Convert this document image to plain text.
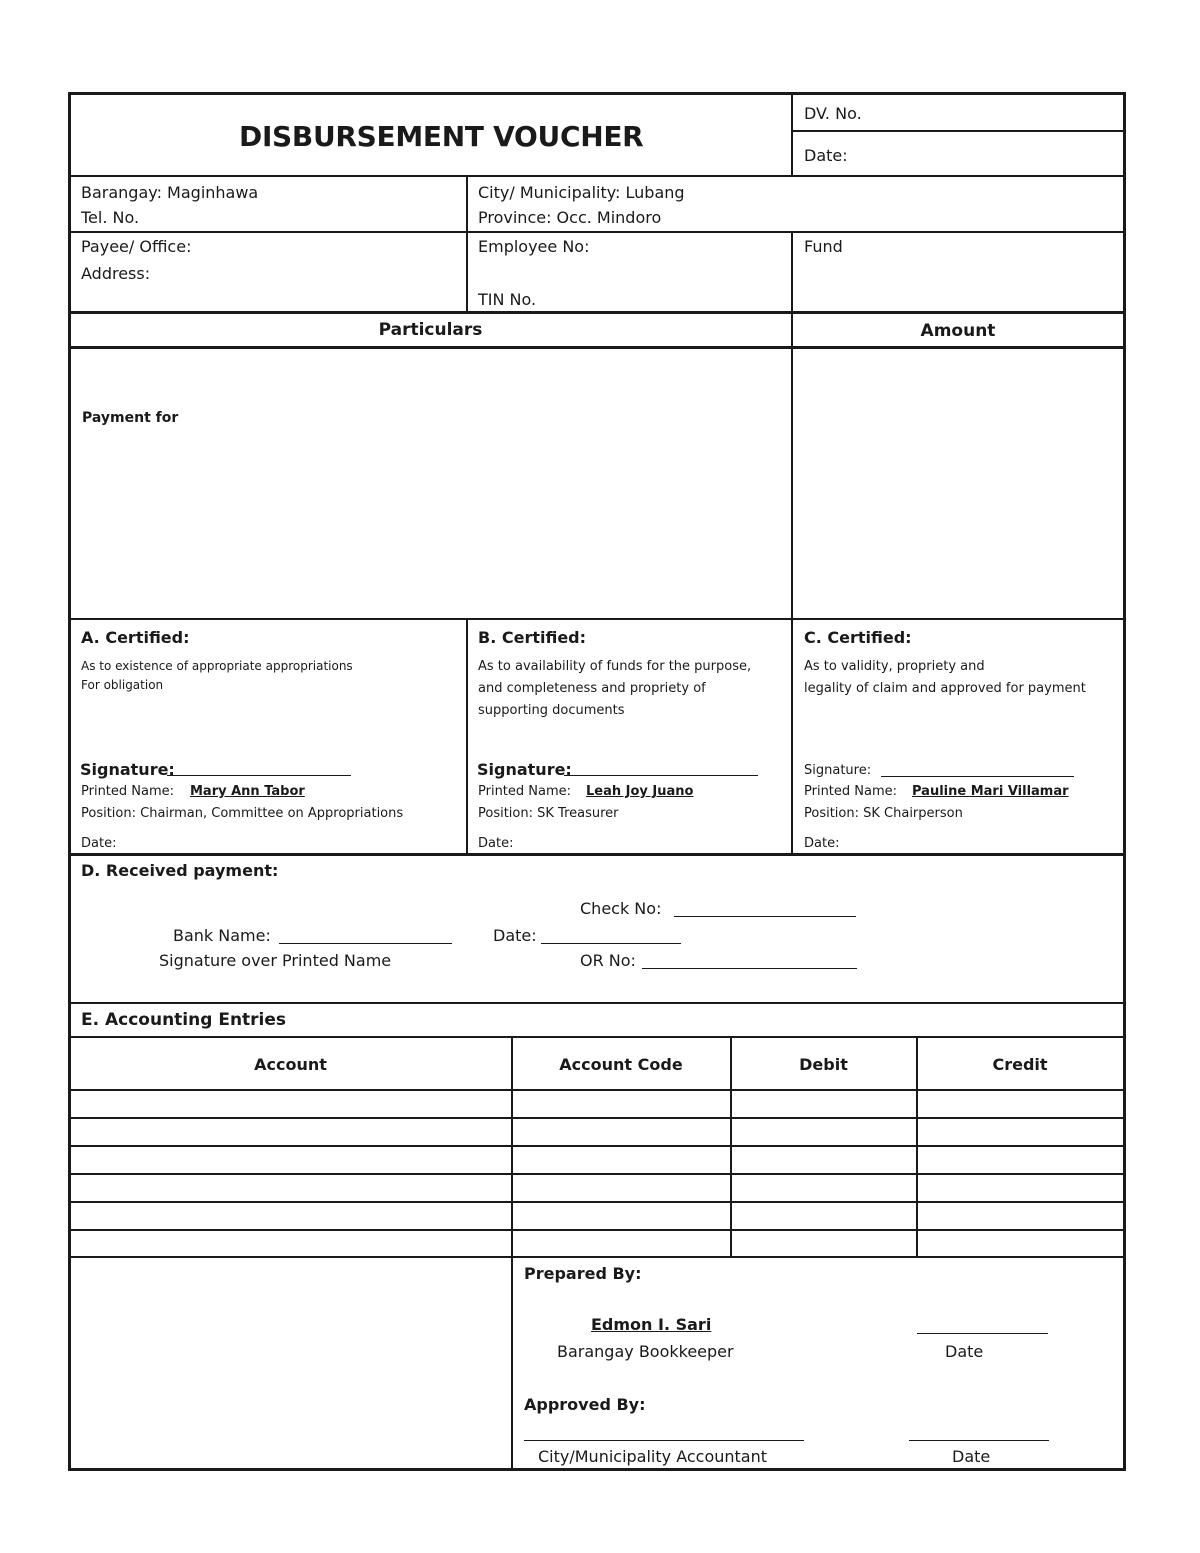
DISBURSEMENT VOUCHER
DV. No.
Date:
Barangay: Maginhawa
Tel. No.
City/ Municipality: Lubang
Province: Occ. Mindoro
Payee/ Office:
Address:
Employee No:
TIN No.
Fund
Particulars	Amount
Payment for
A. Certified:
As to existence of appropriate appropriations
For obligation
Signature:
Printed Name: Mary Ann Tabor
Position: Chairman, Committee on Appropriations
Date:
B. Certified:
As to availability of funds for the purpose,
and completeness and propriety of
supporting documents
Signature:
Printed Name: Leah Joy Juano
Position: SK Treasurer
Date:
C. Certified:
As to validity, propriety and
legality of claim and approved for payment
Signature:
Printed Name: Pauline Mari Villamar
Position: SK Chairperson
Date:
D. Received payment:
Check No:
Bank Name:	Date:
Signature over Printed Name	OR No:
E. Accounting Entries
Account	Account Code	Debit	Credit
Prepared By:
Edmon I. Sari
Barangay Bookkeeper	Date
Approved By:
City/Municipality Accountant	Date
